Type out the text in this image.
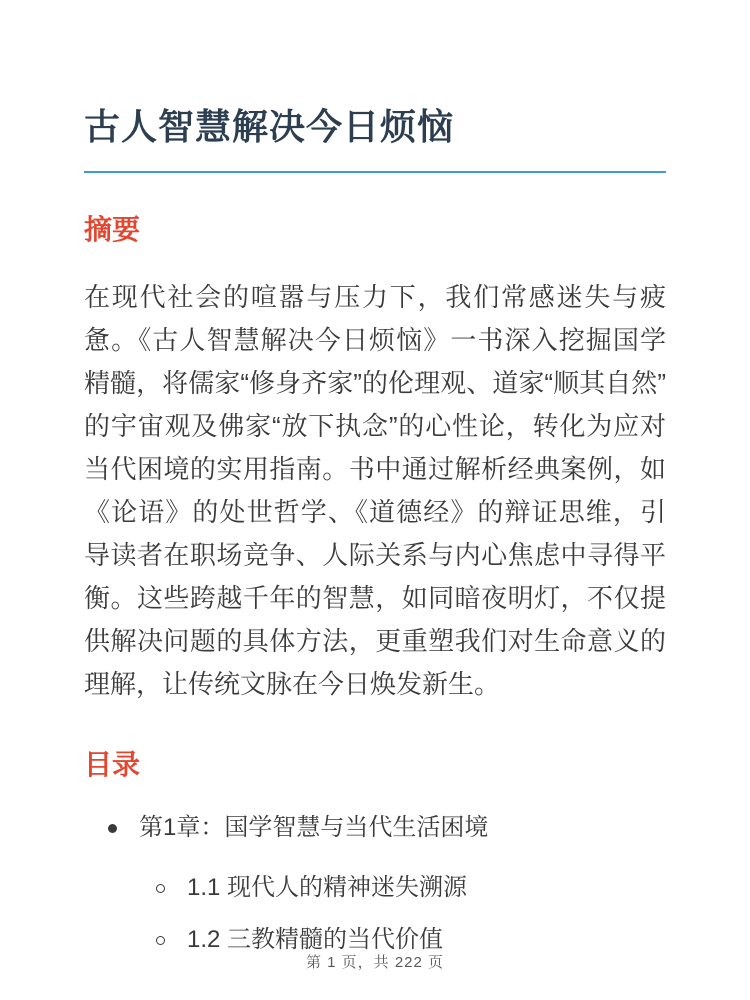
古人智慧解决今日烦恼
摘要

在现代社会的喧嚣与压力下，我们常感迷失与疲惫。《古人智慧解决今日烦恼》一书深入挖掘国学精髓，将儒家“修身齐家”的伦理观、道家“顺其自然”的宇宙观及佛家“放下执念”的心性论，转化为应对当代困境的实用指南。书中通过解析经典案例，如《论语》的处世哲学、《道德经》的辩证思维，引导读者在职场竞争、人际关系与内心焦虑中寻得平衡。这些跨越千年的智慧，如同暗夜明灯，不仅提供解决问题的具体方法，更重塑我们对生命意义的理解，让传统文脉在今日焕发新生。

目录
第1章：国学智慧与当代生活困境
1.1 现代人的精神迷失溯源
1.2 三教精髓的当代价值
第 1 页，共 222 页
